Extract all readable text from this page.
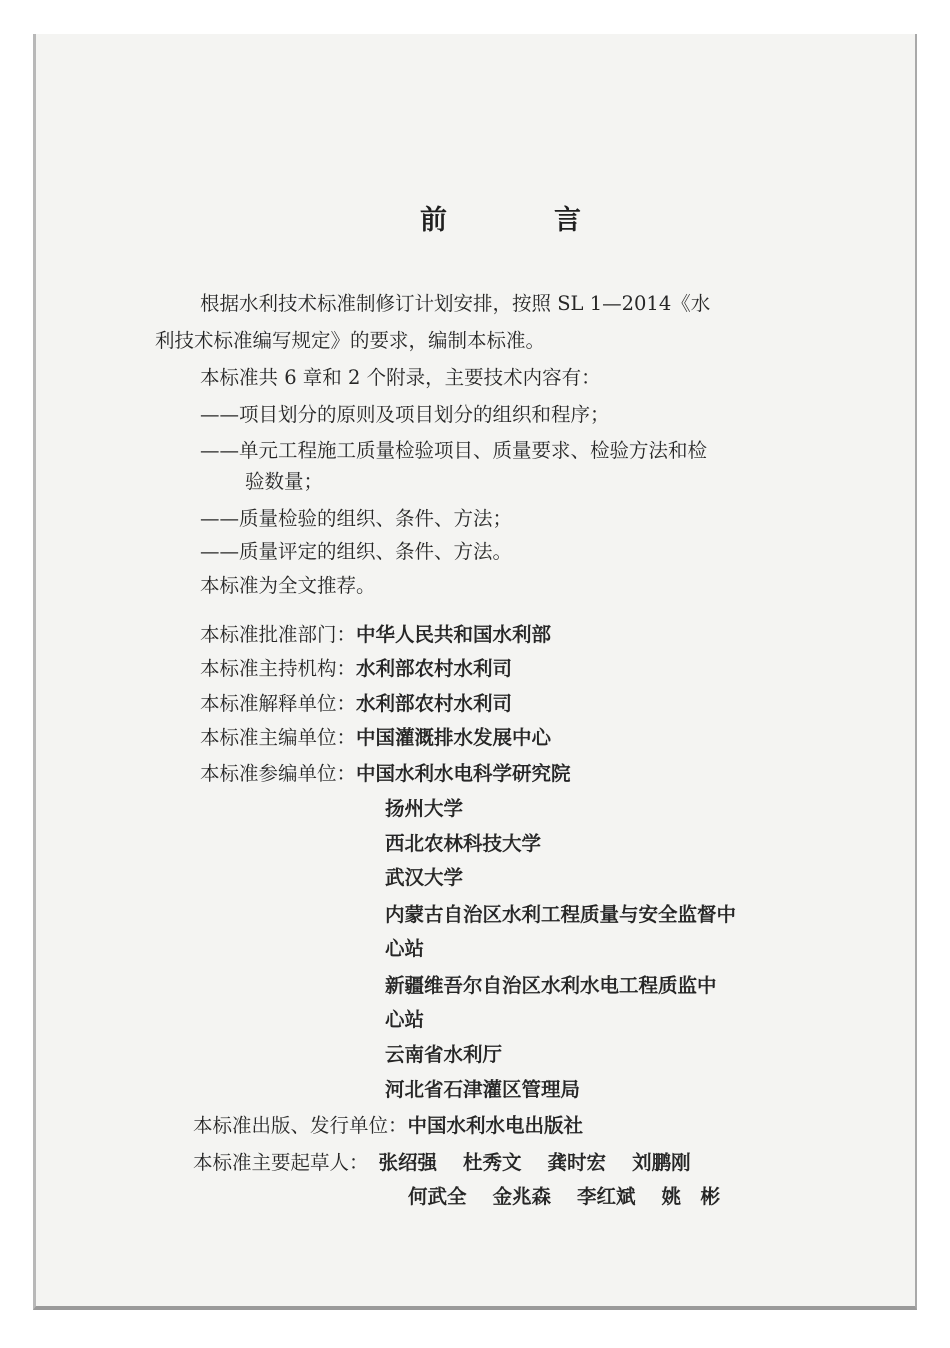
前　言
根据水利技术标准制修订计划安排，按照 SL 1—2014《水
利技术标准编写规定》的要求，编制本标准。
本标准共 6 章和 2 个附录，主要技术内容有：
——项目划分的原则及项目划分的组织和程序；
——单元工程施工质量检验项目、质量要求、检验方法和检
验数量；
——质量检验的组织、条件、方法；
——质量评定的组织、条件、方法。
本标准为全文推荐。
本标准批准部门：中华人民共和国水利部
本标准主持机构：水利部农村水利司
本标准解释单位：水利部农村水利司
本标准主编单位：中国灌溉排水发展中心
本标准参编单位：中国水利水电科学研究院
扬州大学
西北农林科技大学
武汉大学
内蒙古自治区水利工程质量与安全监督中
心站
新疆维吾尔自治区水利水电工程质监中
心站
云南省水利厅
河北省石津灌区管理局
本标准出版、发行单位：中国水利水电出版社
本标准主要起草人： 张绍强 杜秀文 龚时宏 刘鹏刚
何武全 金兆森 李红斌 姚　彬
